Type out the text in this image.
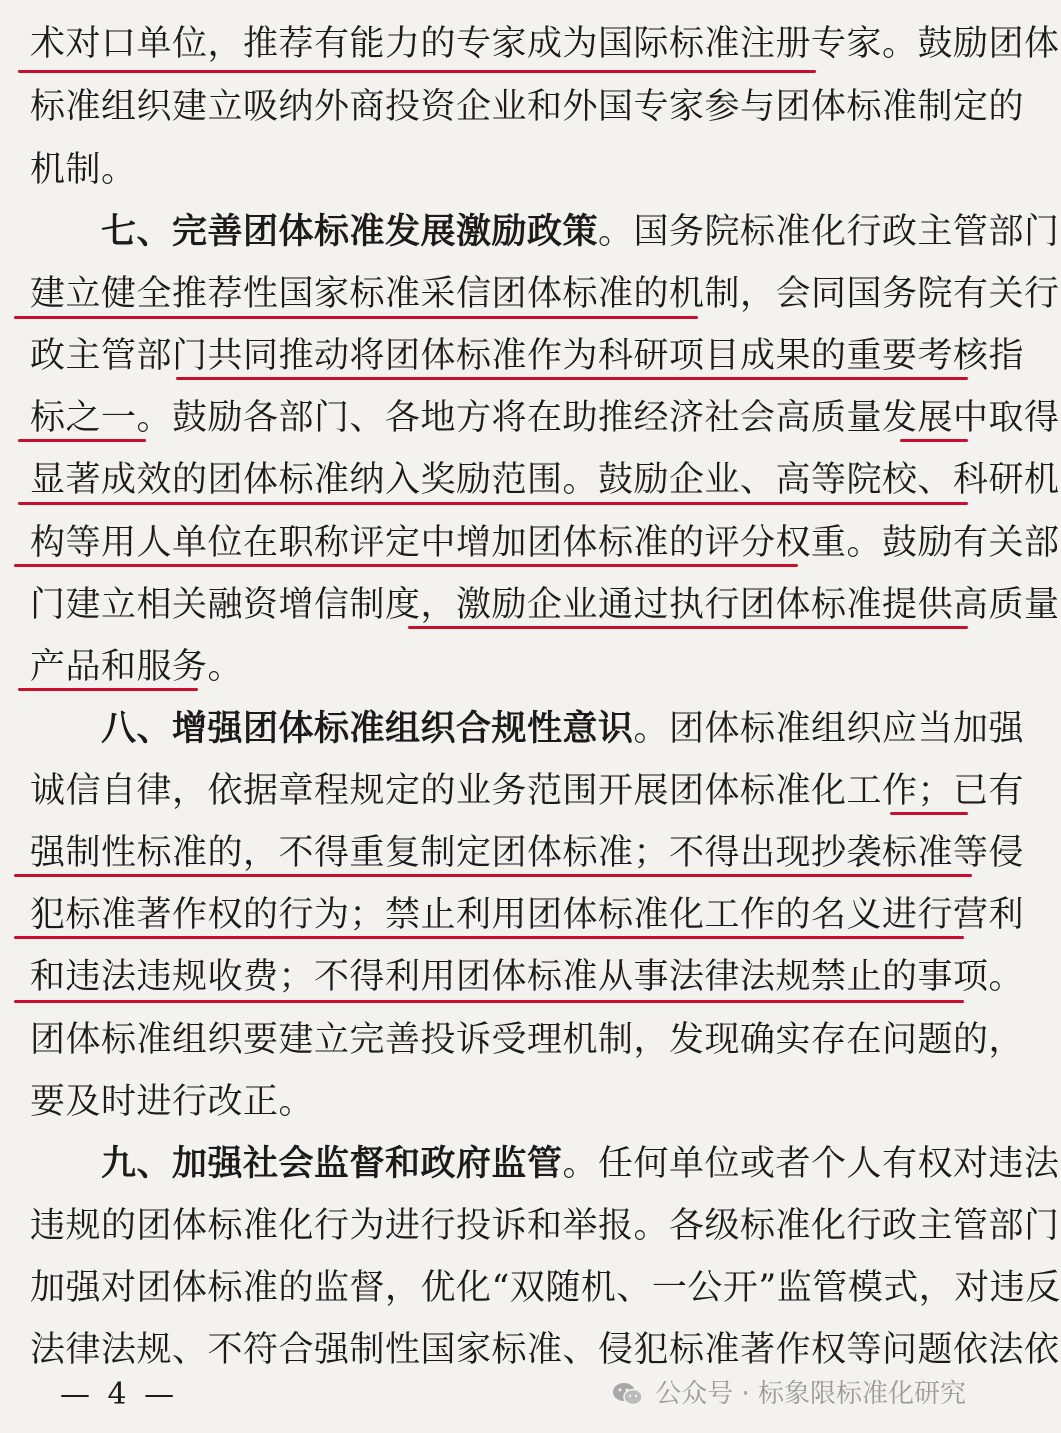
术对口单位，推荐有能力的专家成为国际标准注册专家。鼓励团体
标准组织建立吸纳外商投资企业和外国专家参与团体标准制定的
机制。
　　七、完善团体标准发展激励政策。国务院标准化行政主管部门
建立健全推荐性国家标准采信团体标准的机制，会同国务院有关行
政主管部门共同推动将团体标准作为科研项目成果的重要考核指
标之一。鼓励各部门、各地方将在助推经济社会高质量发展中取得
显著成效的团体标准纳入奖励范围。鼓励企业、高等院校、科研机
构等用人单位在职称评定中增加团体标准的评分权重。鼓励有关部
门建立相关融资增信制度，激励企业通过执行团体标准提供高质量
产品和服务。
　　八、增强团体标准组织合规性意识。团体标准组织应当加强
诚信自律，依据章程规定的业务范围开展团体标准化工作；已有
强制性标准的，不得重复制定团体标准；不得出现抄袭标准等侵
犯标准著作权的行为；禁止利用团体标准化工作的名义进行营利
和违法违规收费；不得利用团体标准从事法律法规禁止的事项。
团体标准组织要建立完善投诉受理机制，发现确实存在问题的，
要及时进行改正。
　　九、加强社会监督和政府监管。任何单位或者个人有权对违法
违规的团体标准化行为进行投诉和举报。各级标准化行政主管部门
加强对团体标准的监督，优化“双随机、一公开”监管模式，对违反
法律法规、不符合强制性国家标准、侵犯标准著作权等问题依法依
— 4 —	公众号 · 标象限标准化研究
